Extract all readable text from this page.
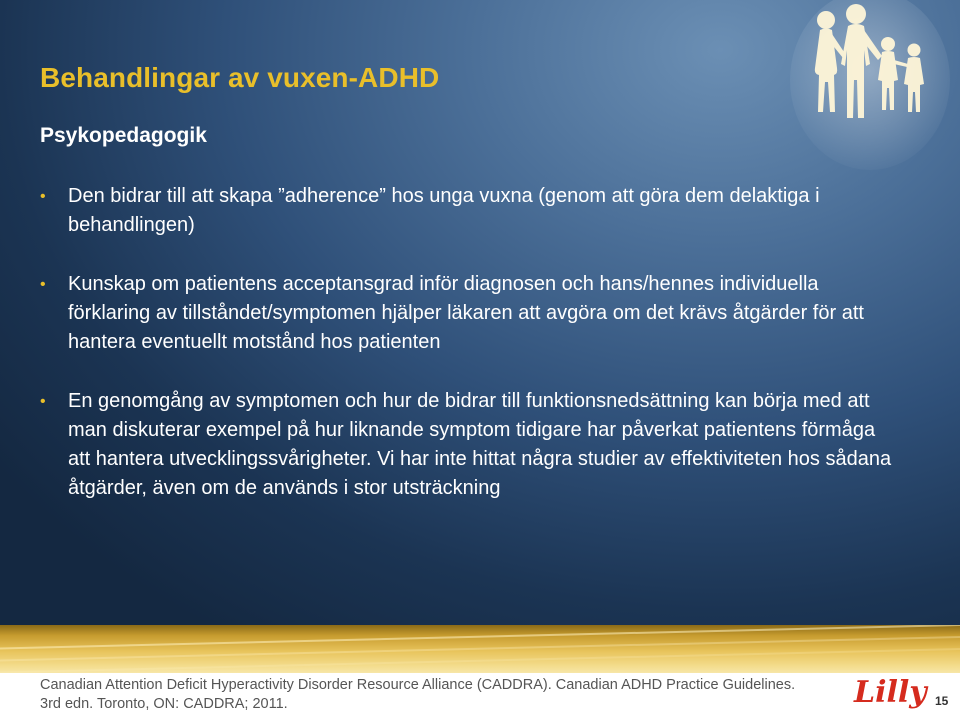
Behandlingar av vuxen-ADHD
Psykopedagogik
• Den bidrar till att skapa ”adherence” hos unga vuxna (genom att göra dem delaktiga i behandlingen)
• Kunskap om patientens acceptansgrad inför diagnosen och hans/hennes individuella förklaring av tillståndet/symptomen hjälper läkaren att avgöra om det krävs åtgärder för att hantera eventuellt motstånd hos patienten
• En genomgång av symptomen och hur de bidrar till funktionsnedsättning kan börja med att man diskuterar exempel på hur liknande symptom tidigare har påverkat patientens förmåga att hantera utvecklingssvårigheter. Vi har inte hittat några studier av effektiviteten hos sådana åtgärder, även om de används i stor utsträckning

Canadian Attention Deficit Hyperactivity Disorder Resource Alliance (CADDRA). Canadian ADHD Practice Guidelines.
3rd edn. Toronto, ON: CADDRA; 2011.	Lilly 15
